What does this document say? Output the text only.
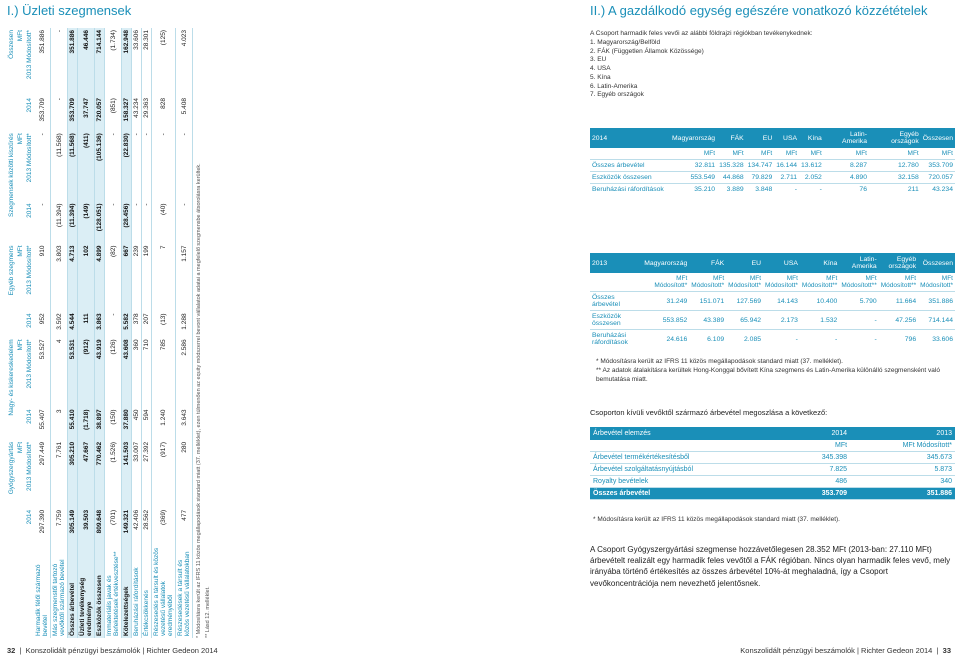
I.) Üzleti szegmensek
	Gyógyszergyártás		Nagy- és kiskereskedelem		Egyéb szegmens		Szegmensek közötti kiszűrés		Összesen	
	MFt		MFt		MFt		MFt		MFt	
	2014	2013 Módosított*	2014	2013 Módosított*	2014	2013 Módosított*	2014	2013 Módosított*	2014	2013 Módosított*
Harmadik félől származó bevétel	297.390	297.449	55.407	53.527	952	910	-	-	353.709	351.886
Más szegmenstől tartozó vevőktől származó bevétel	7.759	7.761	3	4	3.592	3.803	(11.394)	(11.568)	-	-
Összes árbevétel	305.149	305.210	55.410	53.531	4.544	4.713	(11.394)	(11.568)	353.709	351.886
Üzleti tevékenység eredménye	39.503	47.667	(1.718)	(912)	111	102	(149)	(411)	37.747	46.446
Eszközök összesen	809.648	770.462	38.897	43.919	3.863	4.899	(128.051)	(105.136)	720.057	714.144
Immateriális javak és Befektetések értékvesztése**	(701)	(1.526)	(150)	(126)	-	(82)	-	-	(851)	(1.734)
Kötelezettségek	149.321	141.503	37.880	43.608	5.582	667	(28.456)	(22.830)	158.327	162.948
Beruházási ráfordítások	42.406	33.007	450	360	378	239	-	-	43.234	33.606
Értékcsökkenés	28.562	27.392	594	710	207	199	-	-	29.363	28.301
Részesedés a társult és közös vezetésű vállalatok eredményéből	(369)	(917)	1.240	785	(13)	7	(40)	-	828	(125)
Részesedések a társult és közös vezetésű vállalatokban	477	280	3.643	2.586	1.288	1.157	-	-	5.408	4.023
* Módosításra került az IFRS 11 közös megállapodások standard miatt (37. melléklet), ezen túlmenően az equity módszerrel bevont vállalatok adatai a megfelelő szegmensbe átsorolásra kerültek. ** Lásd 12. melléklet.
32  |  Konszolidált pénzügyi beszámolók | Richter Gedeon 2014
II.) A gazdálkodó egység egészére vonatkozó közzétételek
A Csoport harmadik feles vevői az alábbi földrajzi régiókban tevékenykednek:
1. Magyarország/Belföld
2. FÁK (Független Államok Közössége)
3. EU
4. USA
5. Kína
6. Latin-Amerika
7. Egyéb országok
2014	Magyarország	FÁK	EU	USA	Kína	Latin-Amerika	Egyéb országok	Összesen
	MFt	MFt	MFt	MFt	MFt	MFt	MFt	MFt
Összes árbevétel	32.811	135.328	134.747	16.144	13.612	8.287	12.780	353.709
Eszközök összesen	553.549	44.868	79.829	2.711	2.052	4.890	32.158	720.057
Beruházási ráfordítások	35.210	3.889	3.848	-	-	76	211	43.234
2013	Magyarország	FÁK	EU	USA	Kína	Latin-Amerika	Egyéb országok	Összesen
	MFt Módosított*	MFt Módosított*	MFt Módosított*	MFt Módosított*	MFt Módosított**	MFt Módosított**	MFt Módosított**	MFt Módosított*
Összes árbevétel	31.249	151.071	127.569	14.143	10.400	5.790	11.664	351.886
Eszközök összesen	553.852	43.389	65.942	2.173	1.532	-	47.256	714.144
Beruházási ráfordítások	24.616	6.109	2.085	-	-	-	796	33.606
* Módosításra került az IFRS 11 közös megállapodások standard miatt (37. melléklet).
** Az adatok átalakításra kerültek Hong-Konggal bővített Kína szegmens és Latin-Amerika különálló szegmensként való bemutatása miatt.
Csoporton kívüli vevőktől származó árbevétel megoszlása a következő:
Árbevétel elemzés	2014	2013
	MFt	MFt Módosított*
Árbevétel termékértékesítésből	345.398	345.673
Árbevétel szolgáltatásnyújtásból	7.825	5.873
Royalty bevételek	486	340
Összes árbevétel	353.709	351.886
* Módosításra került az IFRS 11 közös megállapodások standard miatt (37. melléklet).
A Csoport Gyógyszergyártási szegmense hozzávetőlegesen 28.352 MFt (2013-ban: 27.110 MFt) árbevételt realizált egy harmadik feles vevőtől a FÁK régióban. Nincs olyan harmadik feles vevő, mely irányába történő értékesítés az összes árbevétel 10%-át meghaladná, így a Csoport vevőkoncentrációja nem nevezhető jelentősnek.
Konszolidált pénzügyi beszámolók | Richter Gedeon 2014  |  33
